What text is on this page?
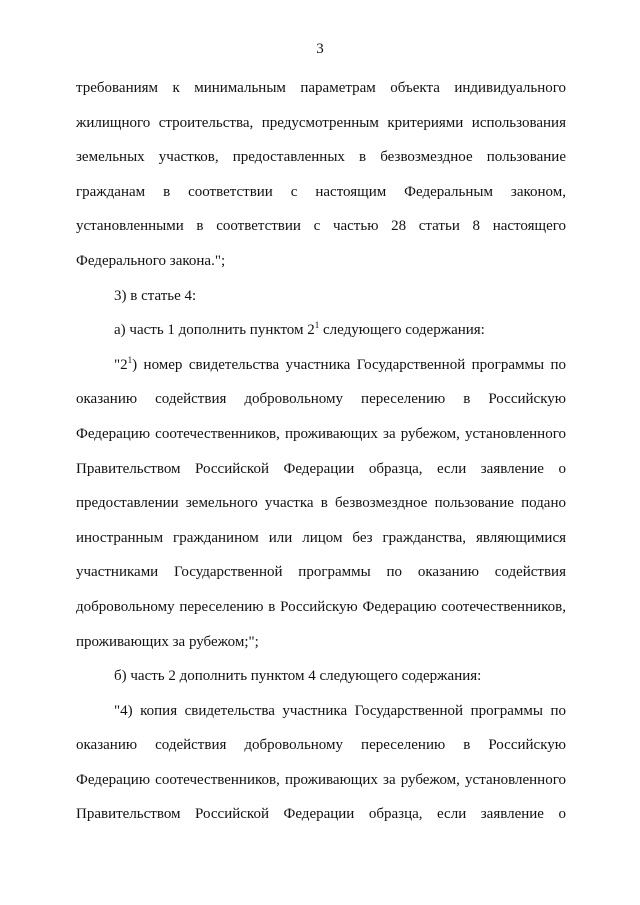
3
требованиям к минимальным параметрам объекта индивидуального
жилищного строительства, предусмотренным критериями использования
земельных участков, предоставленных в безвозмездное пользование
гражданам в соответствии с настоящим Федеральным законом,
установленными в соответствии с частью 28 статьи 8 настоящего
Федерального закона.";
3) в статье 4:
а) часть 1 дополнить пунктом $2^1$ следующего содержания:
"$2^1$) номер свидетельства участника Государственной программы по
оказанию содействия добровольному переселению в Российскую
Федерацию соотечественников, проживающих за рубежом, установленного
Правительством Российской Федерации образца, если заявление о
предоставлении земельного участка в безвозмездное пользование подано
иностранным гражданином или лицом без гражданства, являющимися
участниками Государственной программы по оказанию содействия
добровольному переселению в Российскую Федерацию соотечественников,
проживающих за рубежом;";
б) часть 2 дополнить пунктом 4 следующего содержания:
"4) копия свидетельства участника Государственной программы по
оказанию содействия добровольному переселению в Российскую
Федерацию соотечественников, проживающих за рубежом, установленного
Правительством Российской Федерации образца, если заявление о
